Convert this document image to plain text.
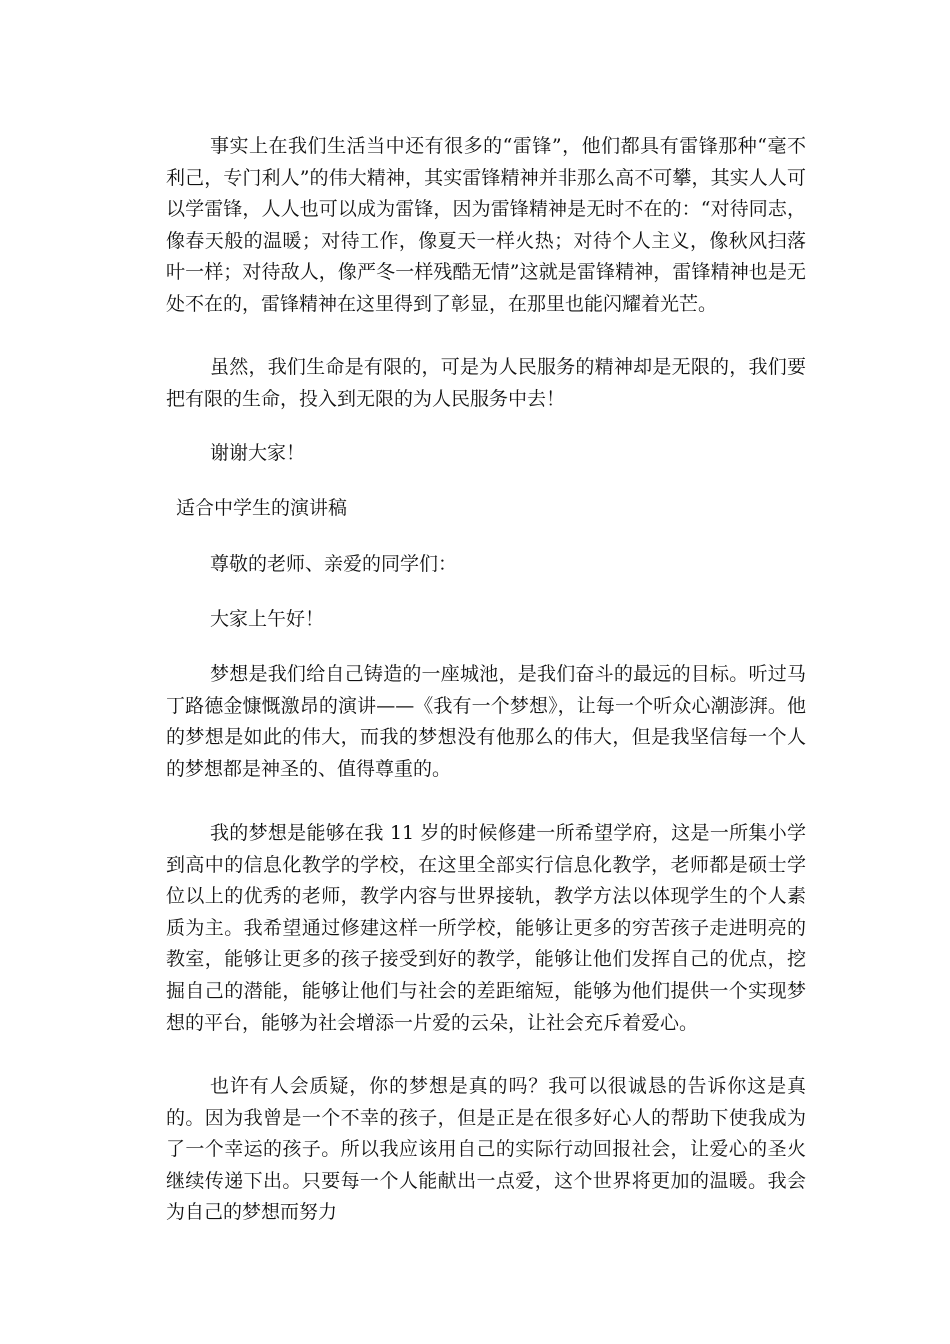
事实上在我们生活当中还有很多的“雷锋”，他们都具有雷锋那种“毫不利己，专门利人”的伟大精神，其实雷锋精神并非那么高不可攀，其实人人可以学雷锋，人人也可以成为雷锋，因为雷锋精神是无时不在的：“对待同志，像春天般的温暖；对待工作，像夏天一样火热；对待个人主义，像秋风扫落叶一样；对待敌人，像严冬一样残酷无情”这就是雷锋精神，雷锋精神也是无处不在的，雷锋精神在这里得到了彰显，在那里也能闪耀着光芒。

虽然，我们生命是有限的，可是为人民服务的精神却是无限的，我们要把有限的生命，投入到无限的为人民服务中去！

谢谢大家！

适合中学生的演讲稿

尊敬的老师、亲爱的同学们：

大家上午好！

梦想是我们给自己铸造的一座城池，是我们奋斗的最远的目标。听过马丁路德金慷慨激昂的演讲——《我有一个梦想》，让每一个听众心潮澎湃。他的梦想是如此的伟大，而我的梦想没有他那么的伟大，但是我坚信每一个人的梦想都是神圣的、值得尊重的。

我的梦想是能够在我 11 岁的时候修建一所希望学府，这是一所集小学到高中的信息化教学的学校，在这里全部实行信息化教学，老师都是硕士学位以上的优秀的老师，教学内容与世界接轨，教学方法以体现学生的个人素质为主。我希望通过修建这样一所学校，能够让更多的穷苦孩子走进明亮的教室，能够让更多的孩子接受到好的教学，能够让他们发挥自己的优点，挖掘自己的潜能，能够让他们与社会的差距缩短，能够为他们提供一个实现梦想的平台，能够为社会增添一片爱的云朵，让社会充斥着爱心。

也许有人会质疑，你的梦想是真的吗？我可以很诚恳的告诉你这是真的。因为我曾是一个不幸的孩子，但是正是在很多好心人的帮助下使我成为了一个幸运的孩子。所以我应该用自己的实际行动回报社会，让爱心的圣火继续传递下出。只要每一个人能献出一点爱，这个世界将更加的温暖。我会为自己的梦想而努力
